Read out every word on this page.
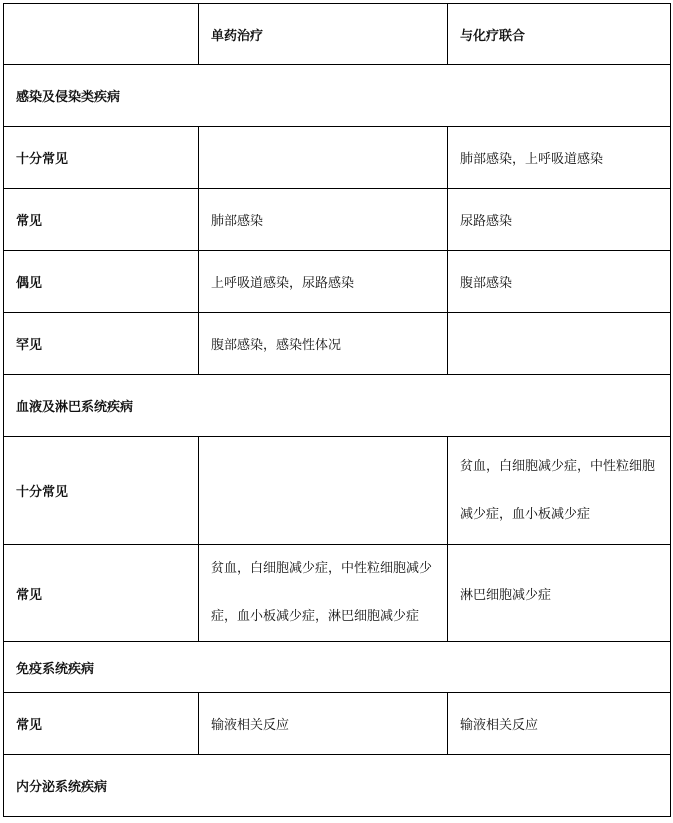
	单药治疗	与化疗联合
感染及侵染类疾病		
十分常见		肺部感染，上呼吸道感染
常见	肺部感染	尿路感染
偶见	上呼吸道感染，尿路感染	腹部感染
罕见	腹部感染，感染性体况	
血液及淋巴系统疾病		
十分常见		贫血，白细胞减少症，中性粒细胞减少症，血小板减少症
常见	贫血，白细胞减少症，中性粒细胞减少症，血小板减少症，淋巴细胞减少症	淋巴细胞减少症
免疫系统疾病		
常见	输液相关反应	输液相关反应
内分泌系统疾病		
